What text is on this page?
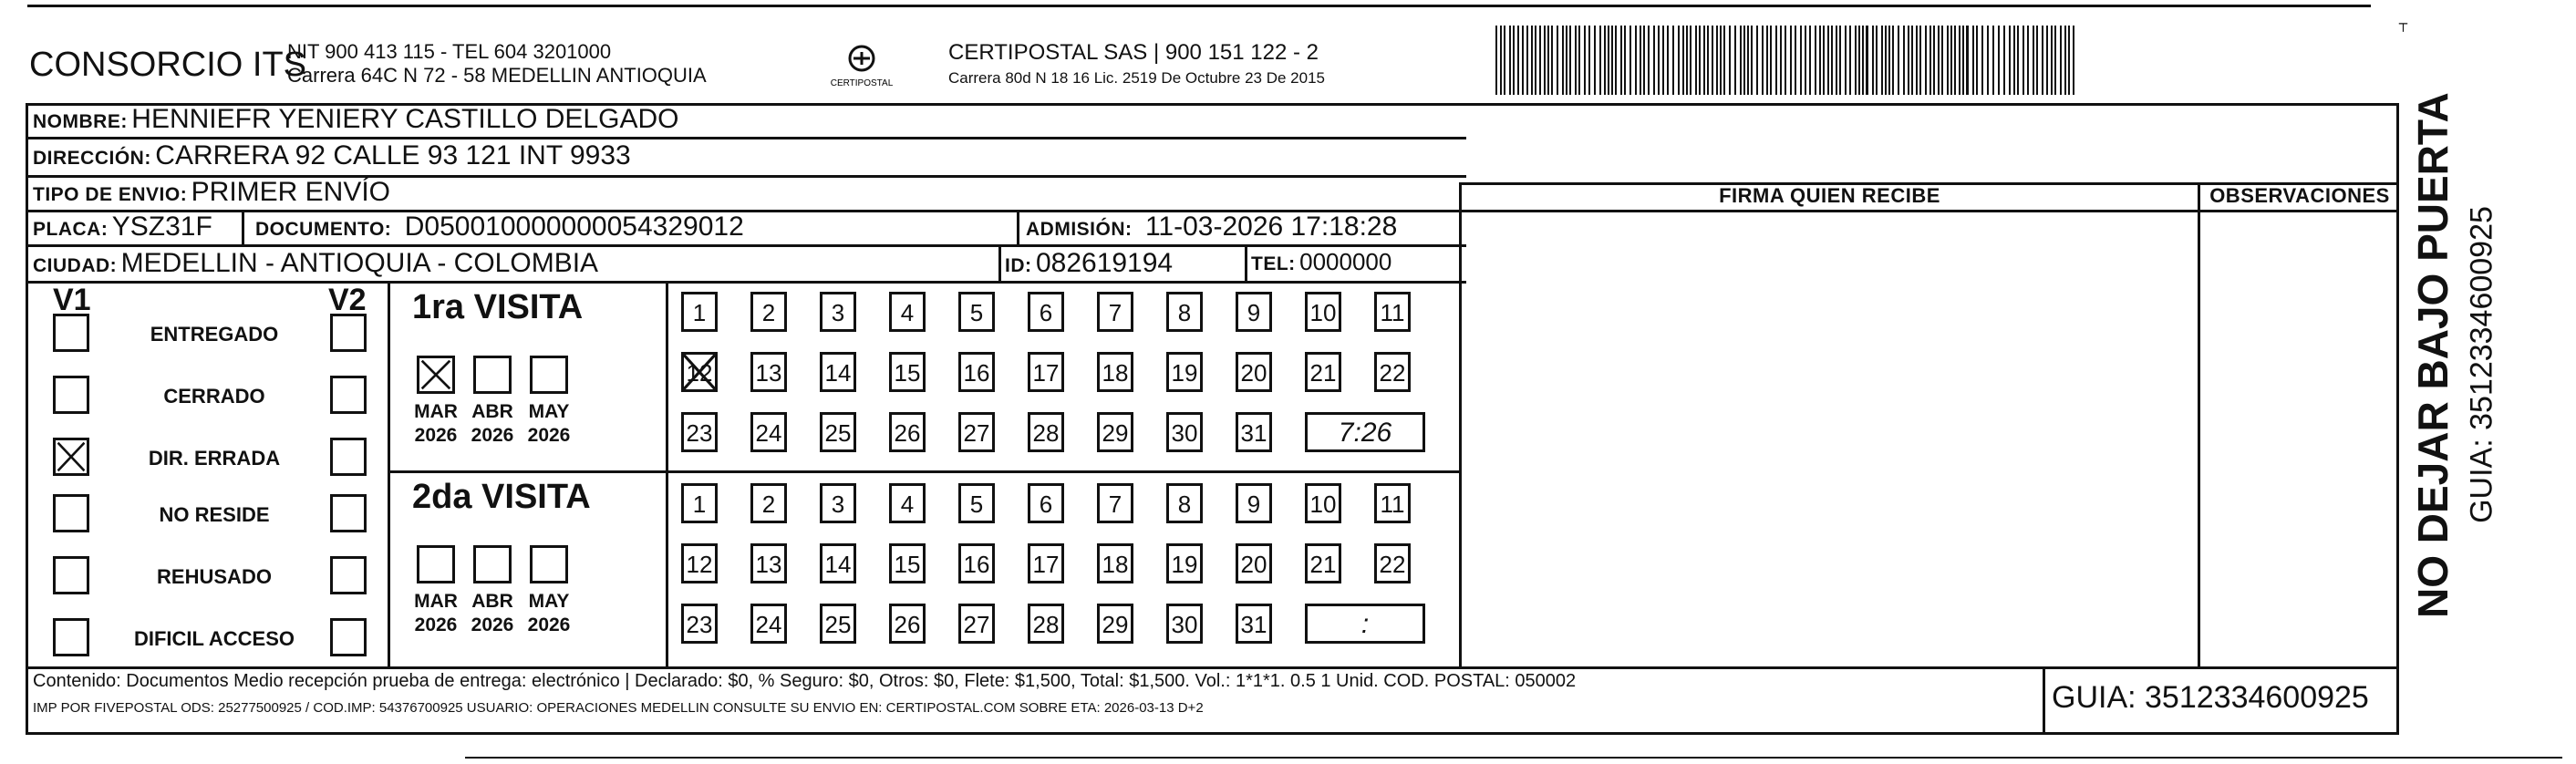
CONSORCIO ITS
NIT 900 413 115 - TEL 604 3201000
Carrera 64C N 72 - 58 MEDELLIN ANTIOQUIA	CERTIPOSTAL
CERTIPOSTAL SAS | 900 151 122 - 2
Carrera 80d N 18 16 Lic. 2519 De Octubre 23 De 2015
⸆
NOMBRE: HENNIEFR YENIERY CASTILLO DELGADO
DIRECCIÓN: CARRERA 92 CALLE 93 121 INT 9933
TIPO DE ENVIO: PRIMER ENVÍO	FIRMA QUIEN RECIBE	OBSERVACIONES
PLACA: YSZ31F DOCUMENTO: D050010000000054329012	ADMISIÓN: 11-03-2026 17:18:28
CIUDAD: MEDELLIN - ANTIOQUIA - COLOMBIA	ID: 082619194	TEL: 0000000
V1	V2
ENTREGADO
CERRADO
DIR. ERRADA
NO RESIDE
REHUSADO
DIFICIL ACCESO
1ra VISITA
MAR
2026
ABR
2026
MAY
2026
1	2	3	4	5	6	7	8	9	10 11
12 13 14 15 16 17 18 19 20 21 22
23 24 25 26 27 28 29 30 31	7:26
2da VISITA
MAR
2026
ABR
2026
MAY
2026
1	2	3	4	5	6	7	8	9	10 11
12 13 14 15 16 17 18 19 20 21 22
23 24 25 26 27 28 29 30 31	:
Contenido: Documentos Medio recepción prueba de entrega: electrónico | Declarado: $0, % Seguro: $0, Otros: $0, Flete: $1,500, Total: $1,500. Vol.: 1*1*1. 0.5 1 Unid. COD. POSTAL: 050002
IMP POR FIVEPOSTAL ODS: 25277500925 / COD.IMP: 54376700925 USUARIO: OPERACIONES MEDELLIN CONSULTE SU ENVIO EN: CERTIPOSTAL.COM SOBRE ETA: 2026-03-13 D+2	GUIA: 3512334600925
NO DEJAR BAJO PUERTA GUIA: 3512334600925
